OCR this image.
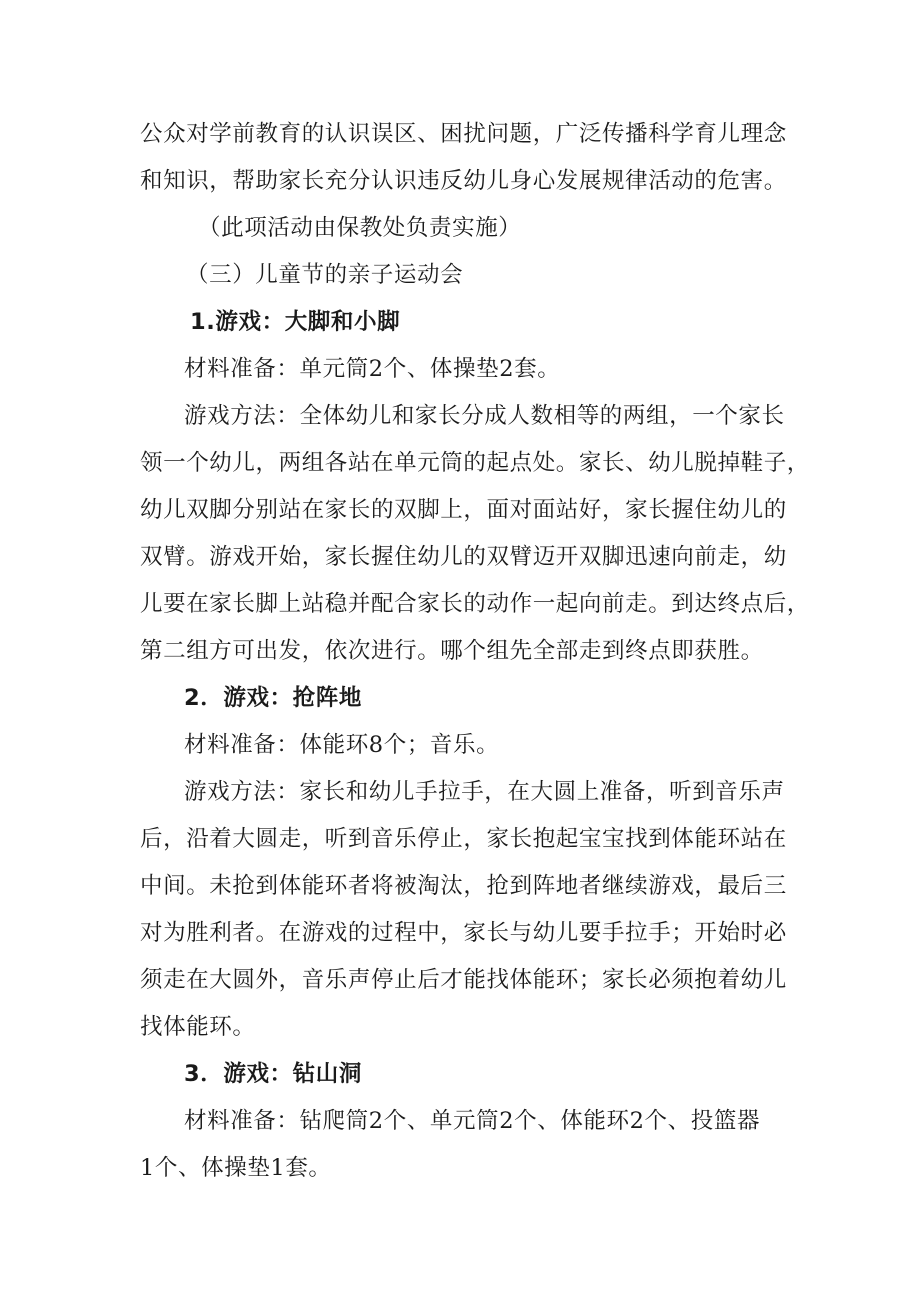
公众对学前教育的认识误区、困扰问题，广泛传播科学育儿理念
和知识，帮助家长充分认识违反幼儿身心发展规律活动的危害。
（此项活动由保教处负责实施）
（三）儿童节的亲子运动会
1.游戏：大脚和小脚
材料准备：单元筒2个、体操垫2套。
游戏方法：全体幼儿和家长分成人数相等的两组，一个家长
领一个幼儿，两组各站在单元筒的起点处。家长、幼儿脱掉鞋子，
幼儿双脚分别站在家长的双脚上，面对面站好，家长握住幼儿的
双臂。游戏开始，家长握住幼儿的双臂迈开双脚迅速向前走，幼
儿要在家长脚上站稳并配合家长的动作一起向前走。到达终点后，
第二组方可出发，依次进行。哪个组先全部走到终点即获胜。
2．游戏：抢阵地
材料准备：体能环8个；音乐。
游戏方法：家长和幼儿手拉手，在大圆上准备，听到音乐声
后，沿着大圆走，听到音乐停止，家长抱起宝宝找到体能环站在
中间。未抢到体能环者将被淘汰，抢到阵地者继续游戏，最后三
对为胜利者。在游戏的过程中，家长与幼儿要手拉手；开始时必
须走在大圆外，音乐声停止后才能找体能环；家长必须抱着幼儿
找体能环。
3．游戏：钻山洞
材料准备：钻爬筒2个、单元筒2个、体能环2个、投篮器
1个、体操垫1套。
